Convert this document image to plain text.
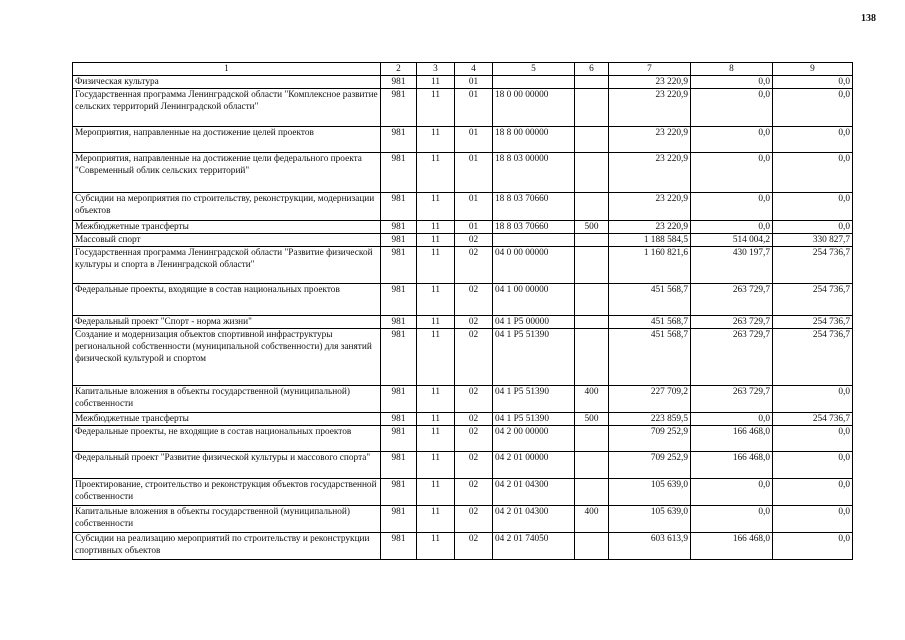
138
1	2	3	4	5	6	7	8	9
Физическая культура	981	11	01			23 220,9	0,0	0,0
Государственная программа Ленинградской области "Комплексное развитие сельских территорий Ленинградской области"	981	11	01	18 0 00 00000		23 220,9	0,0	0,0
Мероприятия, направленные на достижение целей проектов	981	11	01	18 8 00 00000		23 220,9	0,0	0,0
Мероприятия, направленные на достижение цели федерального проекта "Современный облик сельских территорий"	981	11	01	18 8 03 00000		23 220,9	0,0	0,0
Субсидии на мероприятия по строительству, реконструкции, модернизации объектов	981	11	01	18 8 03 70660		23 220,9	0,0	0,0
Межбюджетные трансферты	981	11	01	18 8 03 70660	500	23 220,9	0,0	0,0
Массовый спорт	981	11	02			1 188 584,5	514 004,2	330 827,7
Государственная программа Ленинградской области "Развитие физической культуры и спорта в Ленинградской области"	981	11	02	04 0 00 00000		1 160 821,6	430 197,7	254 736,7
Федеральные проекты, входящие в состав национальных проектов	981	11	02	04 1 00 00000		451 568,7	263 729,7	254 736,7
Федеральный проект "Спорт - норма жизни"	981	11	02	04 1 P5 00000		451 568,7	263 729,7	254 736,7
Создание и модернизация объектов спортивной инфраструктуры региональной собственности (муниципальной собственности) для занятий физической культурой и спортом	981	11	02	04 1 P5 51390		451 568,7	263 729,7	254 736,7
Капитальные вложения в объекты государственной (муниципальной) собственности	981	11	02	04 1 P5 51390	400	227 709,2	263 729,7	0,0
Межбюджетные трансферты	981	11	02	04 1 P5 51390	500	223 859,5	0,0	254 736,7
Федеральные проекты, не входящие в состав национальных проектов	981	11	02	04 2 00 00000		709 252,9	166 468,0	0,0
Федеральный проект "Развитие физической культуры и массового спорта"	981	11	02	04 2 01 00000		709 252,9	166 468,0	0,0
Проектирование, строительство и реконструкция объектов государственной собственности	981	11	02	04 2 01 04300		105 639,0	0,0	0,0
Капитальные вложения в объекты государственной (муниципальной) собственности	981	11	02	04 2 01 04300	400	105 639,0	0,0	0,0
Субсидии на реализацию мероприятий по строительству и реконструкции спортивных объектов	981	11	02	04 2 01 74050		603 613,9	166 468,0	0,0
